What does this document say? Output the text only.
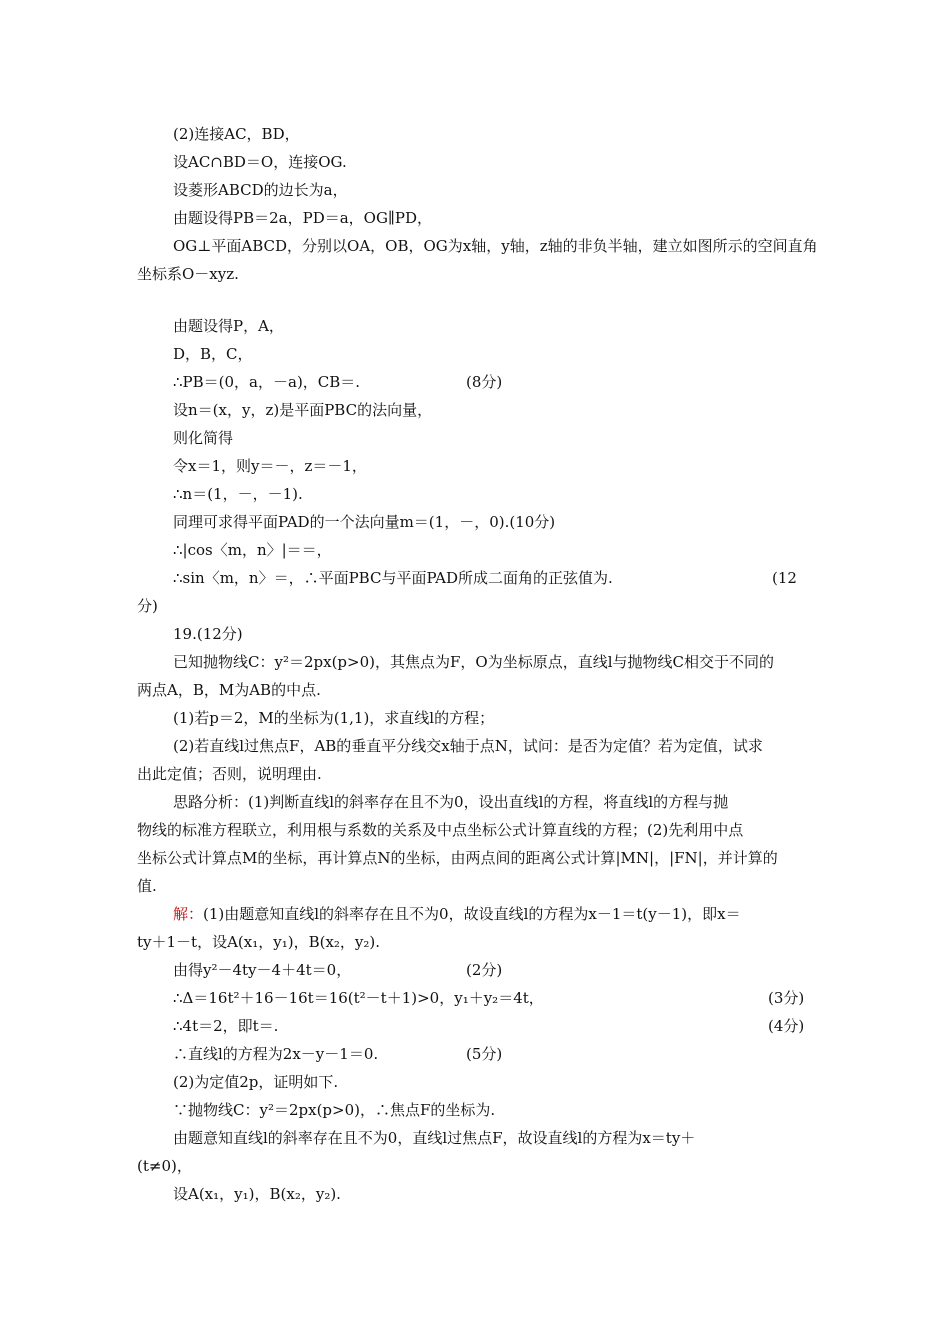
(2)连接AC，BD，
设AC∩BD＝O，连接OG.
设菱形ABCD的边长为a，
由题设得PB＝2a，PD＝a，OG∥PD，
OG⊥平面ABCD，分别以OA，OB，OG为x轴，y轴，z轴的非负半轴，建立如图所示的空间直角
坐标系O－xyz.
由题设得P，A，
D，B，C，
∴PB＝(0，a，－a)，CB＝.	(8分)
设n＝(x，y，z)是平面PBC的法向量，
则化简得
令x＝1，则y＝－，z＝－1，
∴n＝(1，－，－1).
同理可求得平面PAD的一个法向量m＝(1，－，0).(10分)
∴|cos〈m，n〉|＝＝，
∴sin〈m，n〉＝，∴平面PBC与平面PAD所成二面角的正弦值为.	(12
分)
19.(12分)
已知抛物线C：y²＝2px(p>0)，其焦点为F，O为坐标原点，直线l与抛物线C相交于不同的
两点A，B，M为AB的中点.
(1)若p＝2，M的坐标为(1,1)，求直线l的方程；
(2)若直线l过焦点F，AB的垂直平分线交x轴于点N，试问：是否为定值？若为定值，试求
出此定值；否则，说明理由.
思路分析：(1)判断直线l的斜率存在且不为0，设出直线l的方程，将直线l的方程与抛
物线的标准方程联立，利用根与系数的关系及中点坐标公式计算直线的方程；(2)先利用中点
坐标公式计算点M的坐标，再计算点N的坐标，由两点间的距离公式计算|MN|，|FN|，并计算的
值.
解：(1)由题意知直线l的斜率存在且不为0，故设直线l的方程为x－1＝t(y－1)，即x＝
ty＋1－t，设A(x₁，y₁)，B(x₂，y₂).
由得y²－4ty－4＋4t＝0，	(2分)
∴Δ＝16t²＋16－16t＝16(t²－t＋1)>0，y₁＋y₂＝4t，	(3分)
∴4t＝2，即t＝.	(4分)
∴直线l的方程为2x－y－1＝0.	(5分)
(2)为定值2p，证明如下.
∵抛物线C：y²＝2px(p>0)，∴焦点F的坐标为.
由题意知直线l的斜率存在且不为0，直线l过焦点F，故设直线l的方程为x＝ty＋
(t≠0)，
设A(x₁，y₁)，B(x₂，y₂).
